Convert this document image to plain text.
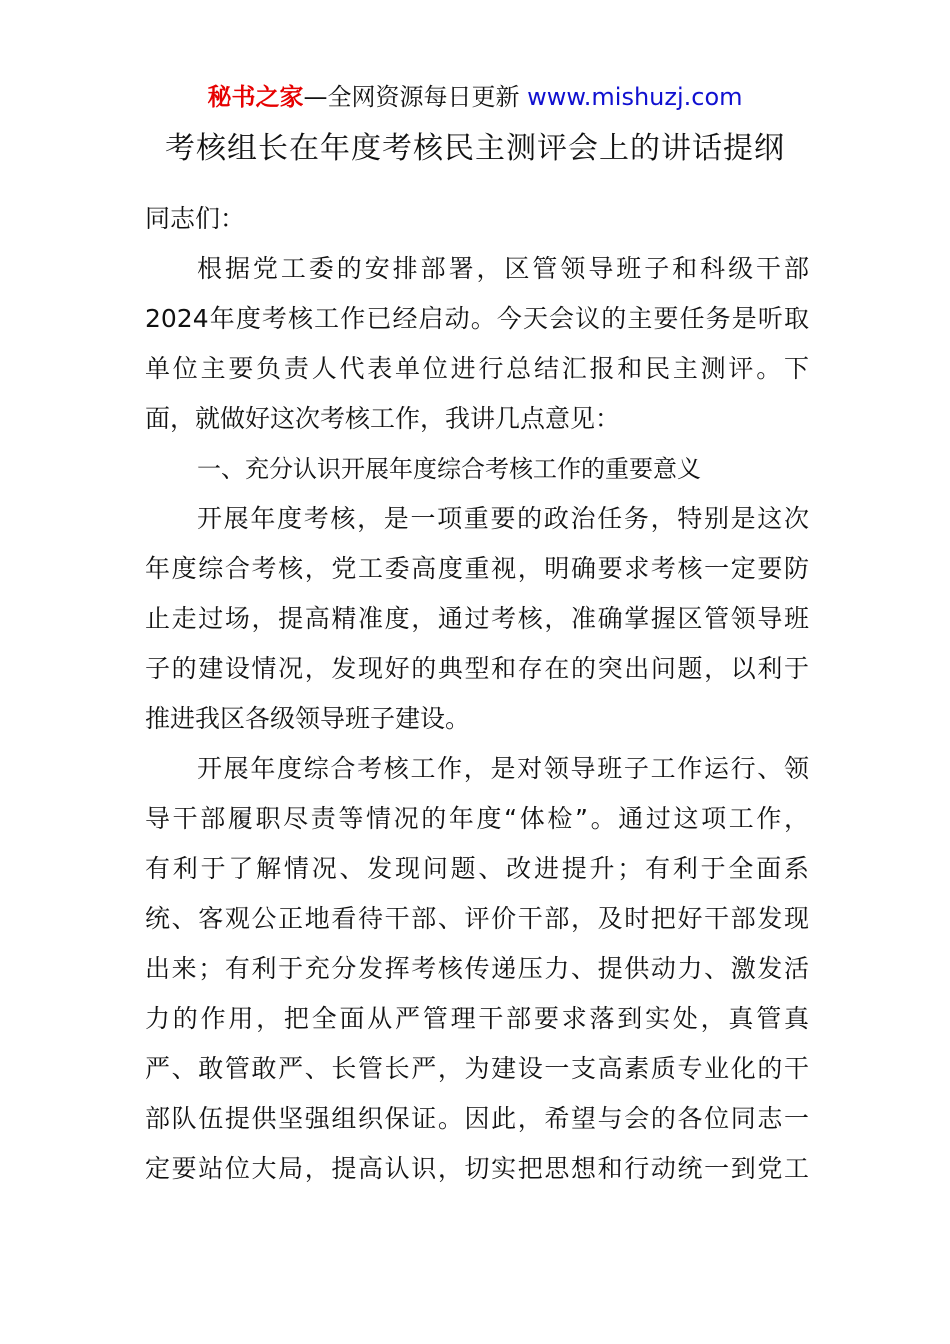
秘书之家—全网资源每日更新 www.mishuzj.com
考核组长在年度考核民主测评会上的讲话提纲
同志们：
根据党工委的安排部署，区管领导班子和科级干部
2024年度考核工作已经启动。今天会议的主要任务是听取
单位主要负责人代表单位进行总结汇报和民主测评。下
面，就做好这次考核工作，我讲几点意见：
一、充分认识开展年度综合考核工作的重要意义
开展年度考核，是一项重要的政治任务，特别是这次
年度综合考核，党工委高度重视，明确要求考核一定要防
止走过场，提高精准度，通过考核，准确掌握区管领导班
子的建设情况，发现好的典型和存在的突出问题，以利于
推进我区各级领导班子建设。
开展年度综合考核工作，是对领导班子工作运行、领
导干部履职尽责等情况的年度“体检”。通过这项工作，
有利于了解情况、发现问题、改进提升；有利于全面系
统、客观公正地看待干部、评价干部，及时把好干部发现
出来；有利于充分发挥考核传递压力、提供动力、激发活
力的作用，把全面从严管理干部要求落到实处，真管真
严、敢管敢严、长管长严，为建设一支高素质专业化的干
部队伍提供坚强组织保证。因此，希望与会的各位同志一
定要站位大局，提高认识，切实把思想和行动统一到党工
